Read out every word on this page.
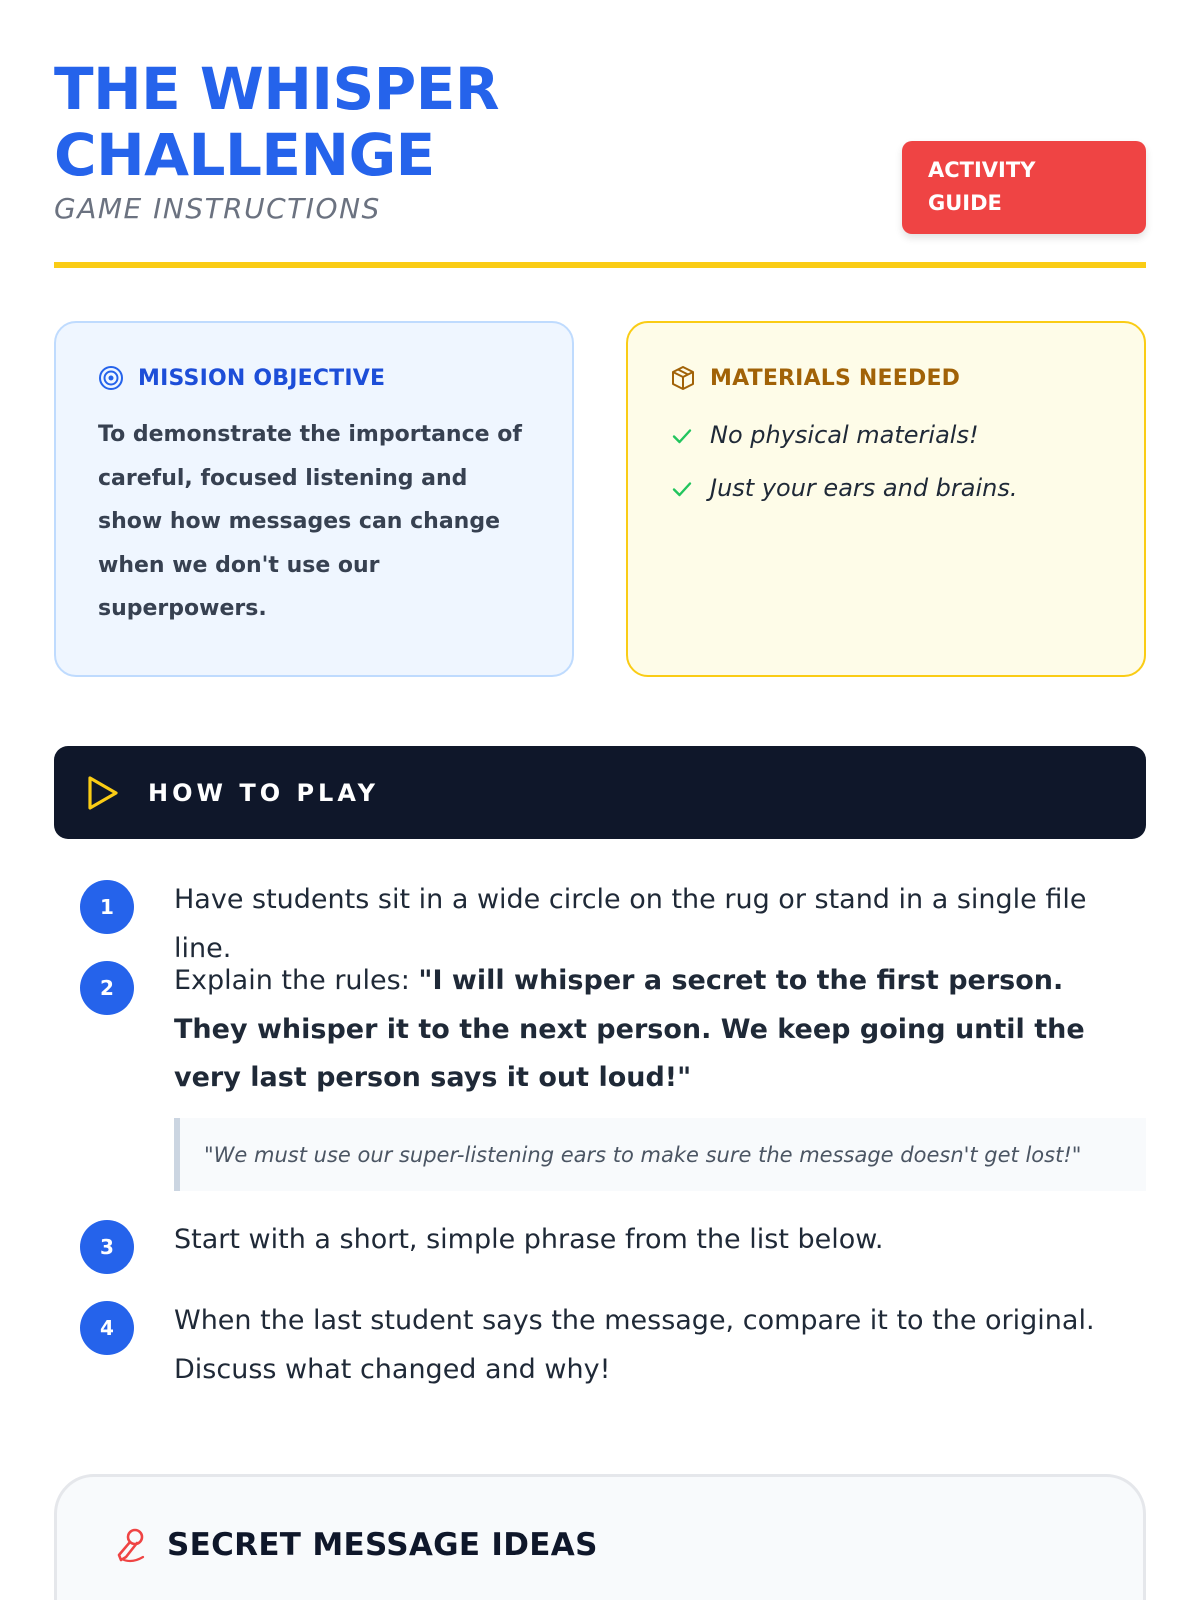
THE WHISPER
CHALLENGE
GAME INSTRUCTIONS
ACTIVITY
GUIDE
MISSION OBJECTIVE

To demonstrate the importance of careful, focused listening and show how messages can change when we don't use our superpowers.

MATERIALS NEEDED
No physical materials!
Just your ears and brains.
HOW TO PLAY
1	Have students sit in a wide circle on the rug or stand in a single file line.
2	Explain the rules: "I will whisper a secret to the first person. They whisper it to the next person. We keep going until the very last person says it out loud!"
"We must use our super-listening ears to make sure the message doesn't get lost!"
3	Start with a short, simple phrase from the list below.
4	When the last student says the message, compare it to the original. Discuss what changed and why!
SECRET MESSAGE IDEAS
